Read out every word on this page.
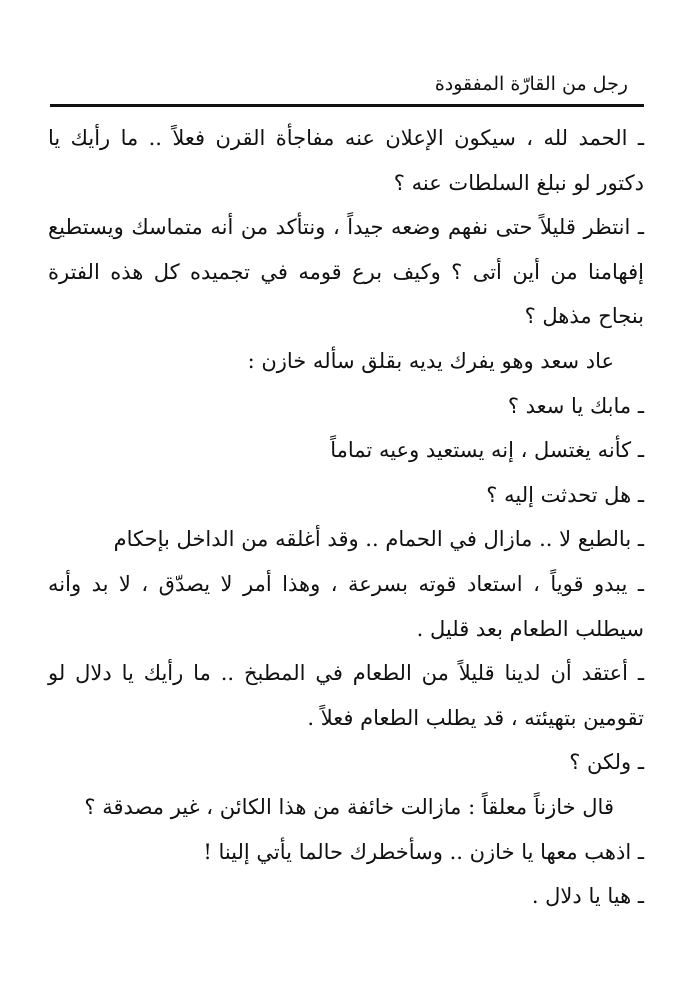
رجل من القارّة المفقودة

ـ الحمد لله ، سيكون الإعلان عنه مفاجأة القرن فعلاً .. ما رأيك يا دكتور لو نبلغ السلطات عنه ؟

ـ انتظر قليلاً حتى نفهم وضعه جيداً ، ونتأكد من أنه متماسك ويستطيع إفهامنا من أين أتى ؟ وكيف برع قومه في تجميده كل هذه الفترة بنجاح مذهل ؟

عاد سعد وهو يفرك يديه بقلق سأله خازن :

ـ مابك يا سعد ؟

ـ كأنه يغتسل ، إنه يستعيد وعيه تماماً

ـ هل تحدثت إليه ؟

ـ بالطبع لا .. مازال في الحمام .. وقد أغلقه من الداخل بإحكام

ـ يبدو قوياً ، استعاد قوته بسرعة ، وهذا أمر لا يصدّق ، لا بد وأنه سيطلب الطعام بعد قليل .

ـ أعتقد أن لدينا قليلاً من الطعام في المطبخ .. ما رأيك يا دلال لو تقومين بتهيئته ، قد يطلب الطعام فعلاً .

ـ ولكن ؟

قال خازناً معلقاً : مازالت خائفة من هذا الكائن ، غير مصدقة ؟

ـ اذهب معها يا خازن .. وسأخطرك حالما يأتي إلينا !

ـ هيا يا دلال .
